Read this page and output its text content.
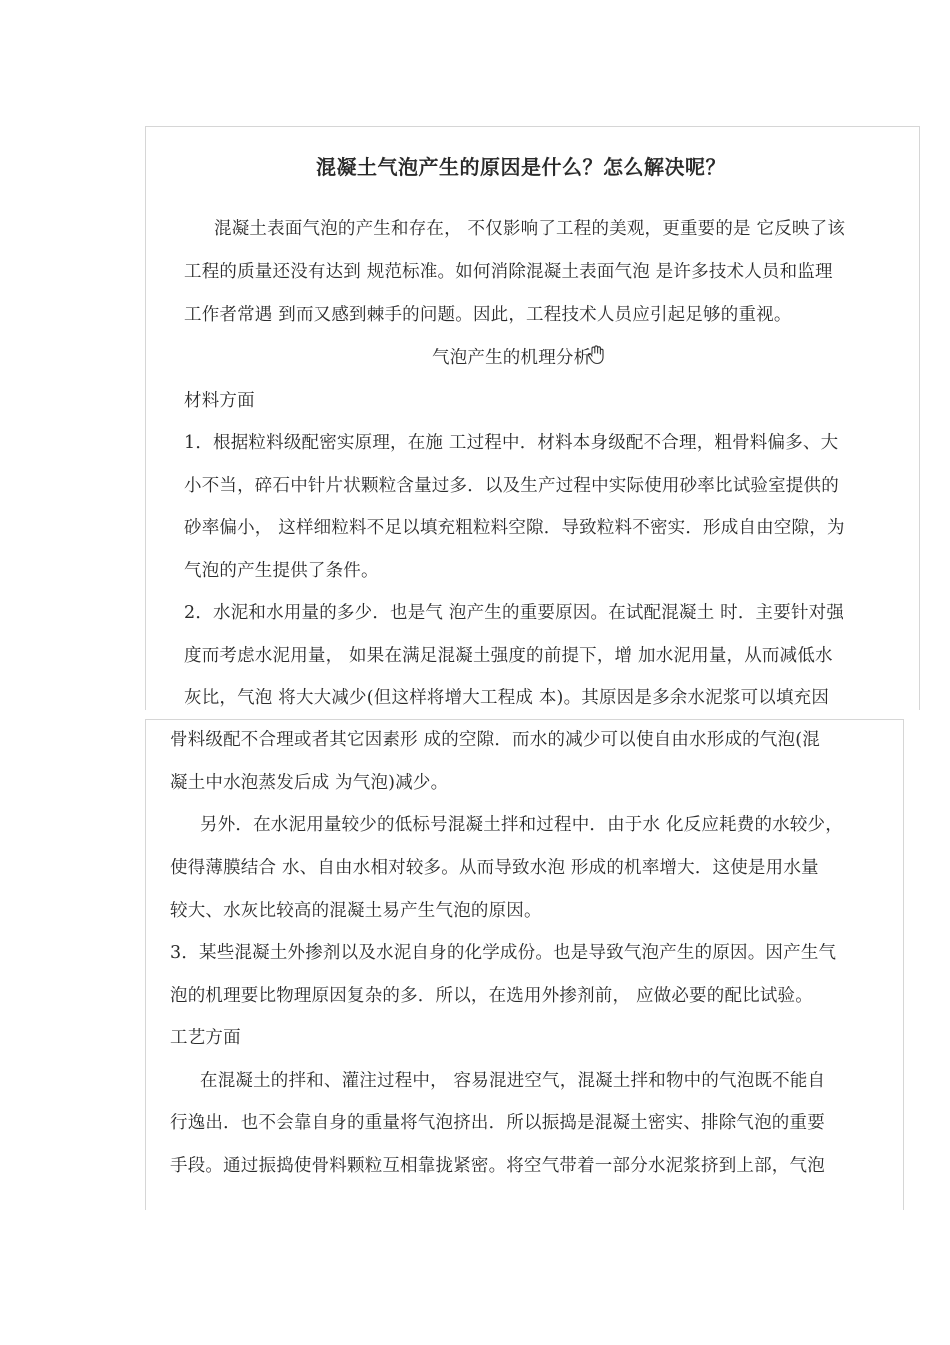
混凝土气泡产生的原因是什么？怎么解决呢？
混凝土表面气泡的产生和存在， 不仅影响了工程的美观，更重要的是 它反映了该
工程的质量还没有达到 规范标准。如何消除混凝土表面气泡 是许多技术人员和监理
工作者常遇 到而又感到棘手的问题。因此，工程技术人员应引起足够的重视。
气泡产生的机理分析
材料方面
1．根据粒料级配密实原理，在施 工过程中．材料本身级配不合理，粗骨料偏多、大
小不当，碎石中针片状颗粒含量过多．以及生产过程中实际使用砂率比试验室提供的
砂率偏小， 这样细粒料不足以填充粗粒料空隙．导致粒料不密实．形成自由空隙，为
气泡的产生提供了条件。
2．水泥和水用量的多少．也是气 泡产生的重要原因。在试配混凝土 时．主要针对强
度而考虑水泥用量， 如果在满足混凝土强度的前提下，增 加水泥用量，从而减低水
灰比，气泡 将大大减少(但这样将增大工程成 本)。其原因是多余水泥浆可以填充因
骨料级配不合理或者其它因素形 成的空隙．而水的减少可以使自由水形成的气泡(混
凝土中水泡蒸发后成 为气泡)减少。
另外．在水泥用量较少的低标号混凝土拌和过程中．由于水 化反应耗费的水较少，
使得薄膜结合 水、自由水相对较多。从而导致水泡 形成的机率增大．这使是用水量
较大、水灰比较高的混凝土易产生气泡的原因。
3．某些混凝土外掺剂以及水泥自身的化学成份。也是导致气泡产生的原因。因产生气
泡的机理要比物理原因复杂的多．所以，在选用外掺剂前， 应做必要的配比试验。
工艺方面
在混凝土的拌和、灌注过程中， 容易混进空气，混凝土拌和物中的气泡既不能自
行逸出．也不会靠自身的重量将气泡挤出．所以振捣是混凝土密实、排除气泡的重要
手段。通过振捣使骨料颗粒互相靠拢紧密。将空气带着一部分水泥浆挤到上部，气泡
